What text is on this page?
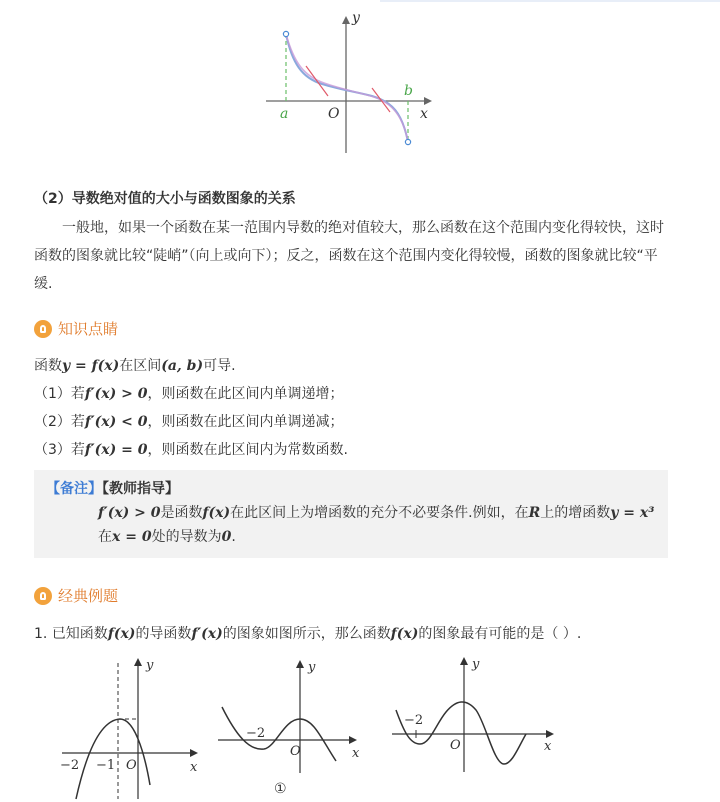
y
x
O
a
b
（2）导数绝对值的大小与函数图象的关系
一般地，如果一个函数在某一范围内导数的绝对值较大，那么函数在这个范围内变化得较快，这时函数的图象就比较“陡峭”（向上或向下）；反之，函数在这个范围内变化得较慢，函数的图象就比较“平缓.
知识点睛
函数y = f(x)在区间(a, b)可导.
（1）若f′(x) > 0，则函数在此区间内单调递增；
（2）若f′(x) < 0，则函数在此区间内单调递减；
（3）若f′(x) = 0，则函数在此区间内为常数函数.
【备注】【教师指导】
f′(x) > 0是函数f(x)在此区间上为增函数的充分不必要条件.例如，在R上的增函数y = x³
在x = 0处的导数为0.
经典例题
1. 已知函数f(x)的导函数f′(x)的图象如图所示，那么函数f(x)的图象最有可能的是（ ）.
y
x
O
−2 −1
y
x
O
−2
①
y
x
O
−2
